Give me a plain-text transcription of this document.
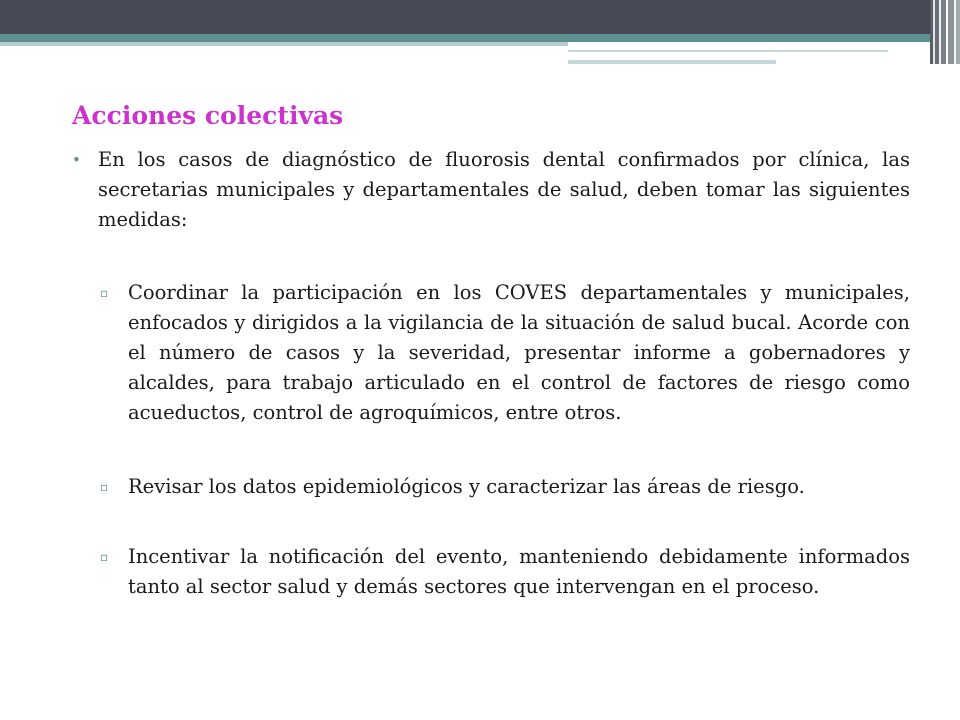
Acciones colectivas
• En los casos de diagnóstico de fluorosis dental confirmados por clínica, las secretarias municipales y departamentales de salud, deben tomar las siguientes medidas:
▫ Coordinar la participación en los COVES departamentales y municipales, enfocados y dirigidos a la vigilancia de la situación de salud bucal. Acorde con el número de casos y la severidad, presentar informe a gobernadores y alcaldes, para trabajo articulado en el control de factores de riesgo como acueductos, control de agroquímicos, entre otros.
▫ Revisar los datos epidemiológicos y caracterizar las áreas de riesgo.
▫ Incentivar la notificación del evento, manteniendo debidamente informados tanto al sector salud y demás sectores que intervengan en el proceso.
